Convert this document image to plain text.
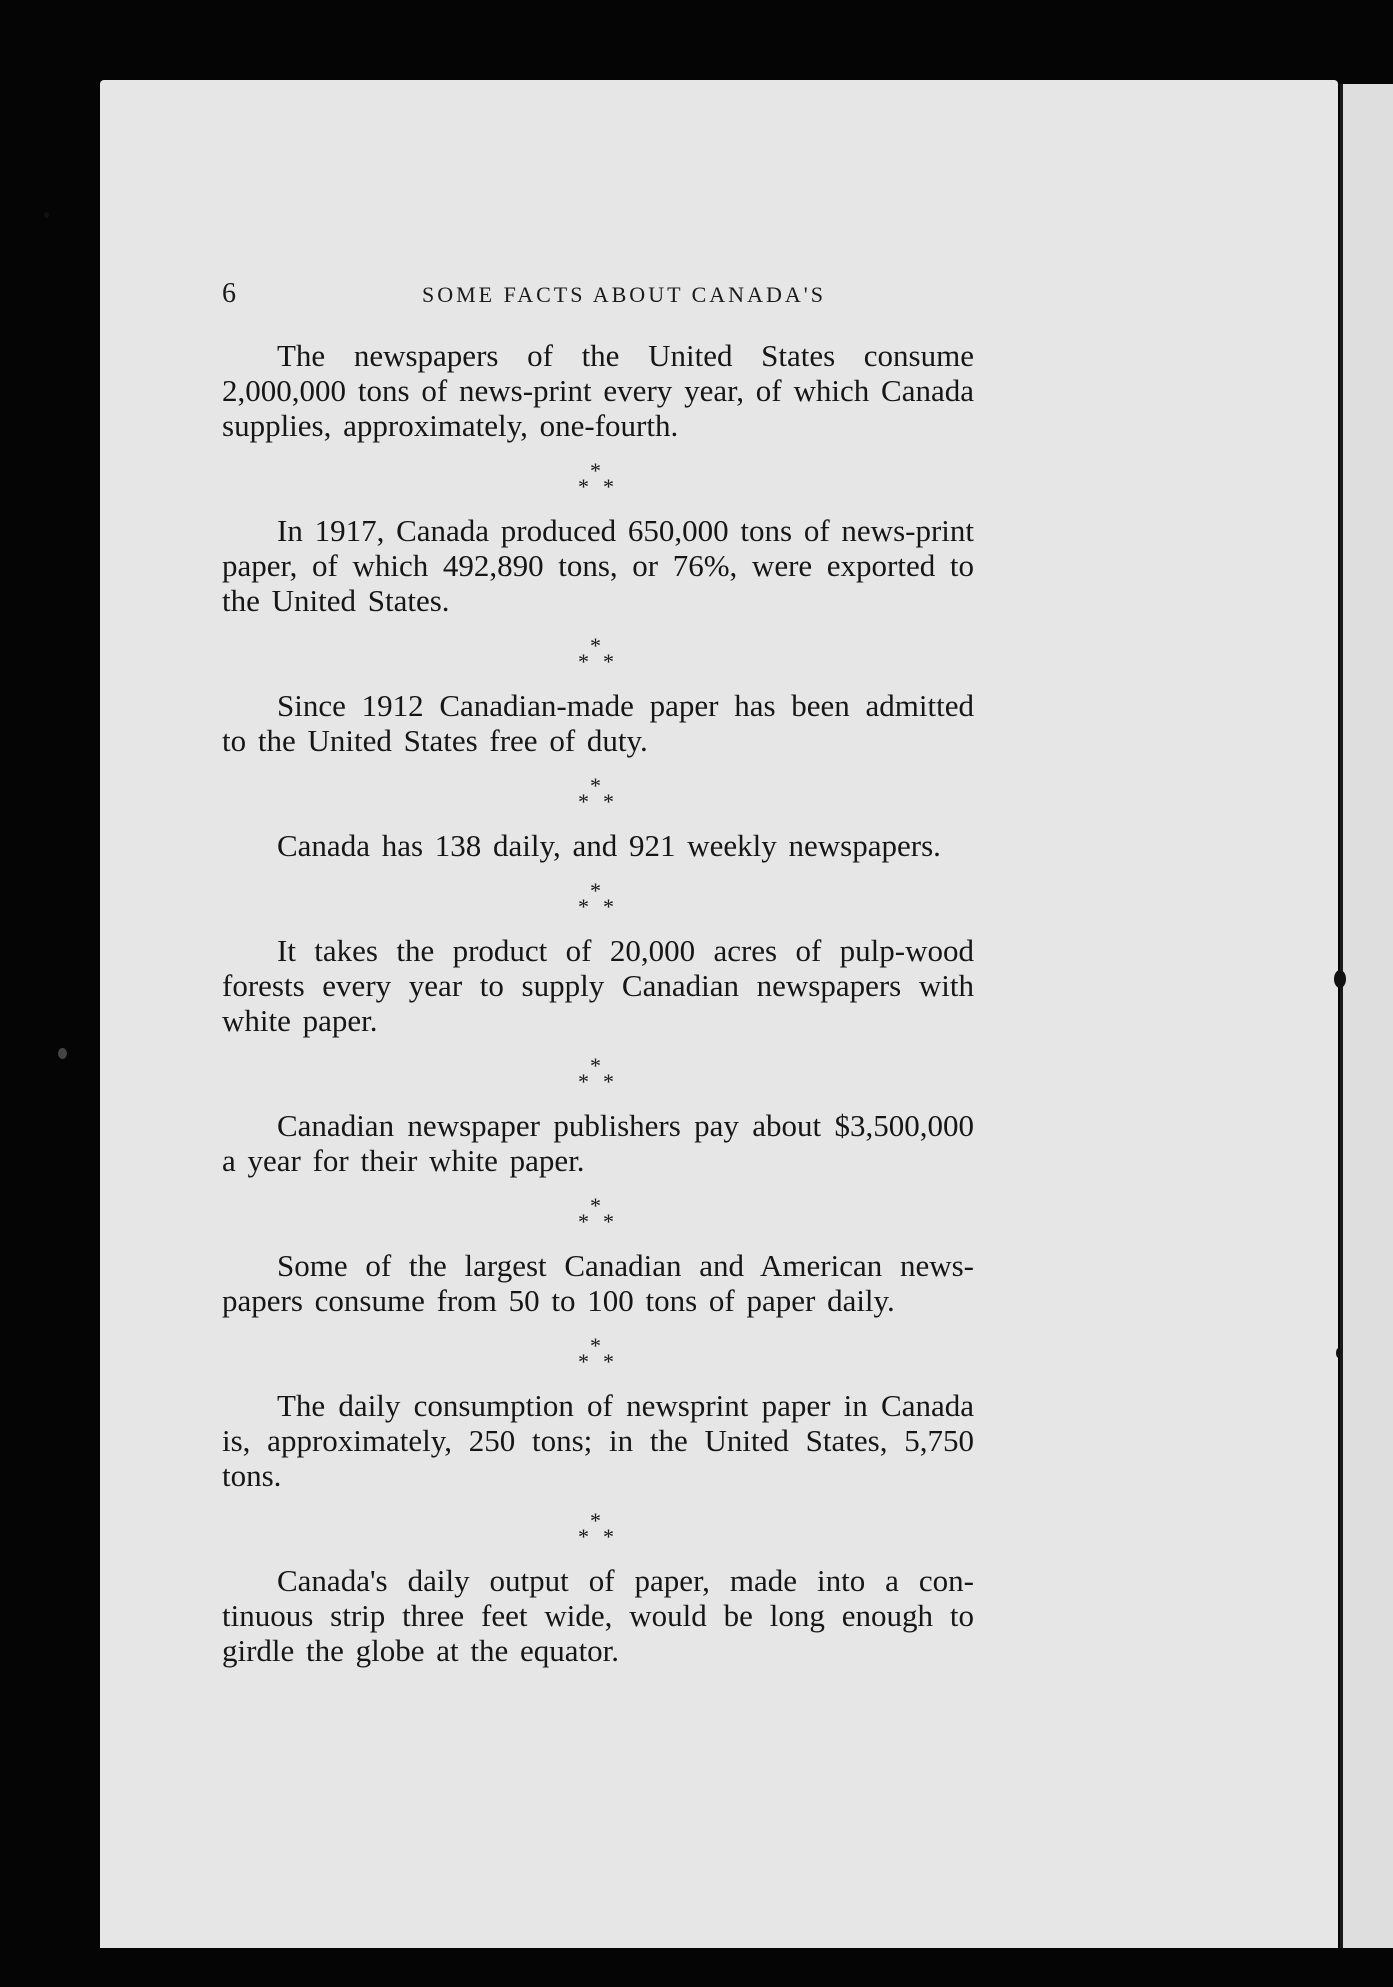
6	SOME FACTS ABOUT CANADA'S

The newspapers of the United States consume 2,000,000 tons of news-print every year, of which Canada supplies, approximately, one-fourth.

*
* *

In 1917, Canada produced 650,000 tons of news-print paper, of which 492,890 tons, or 76%, were exported to the United States.

*
* *

Since 1912 Canadian-made paper has been admitted to the United States free of duty.

*
* *

Canada has 138 daily, and 921 weekly newspapers.

*
* *

It takes the product of 20,000 acres of pulp-wood forests every year to supply Canadian newspapers with white paper.

*
* *

Canadian newspaper publishers pay about $3,500,000 a year for their white paper.

*
* *

Some of the largest Canadian and American news-papers consume from 50 to 100 tons of paper daily.

*
* *

The daily consumption of newsprint paper in Canada is, approximately, 250 tons; in the United States, 5,750 tons.

*
* *

Canada's daily output of paper, made into a con-tinuous strip three feet wide, would be long enough to girdle the globe at the equator.
